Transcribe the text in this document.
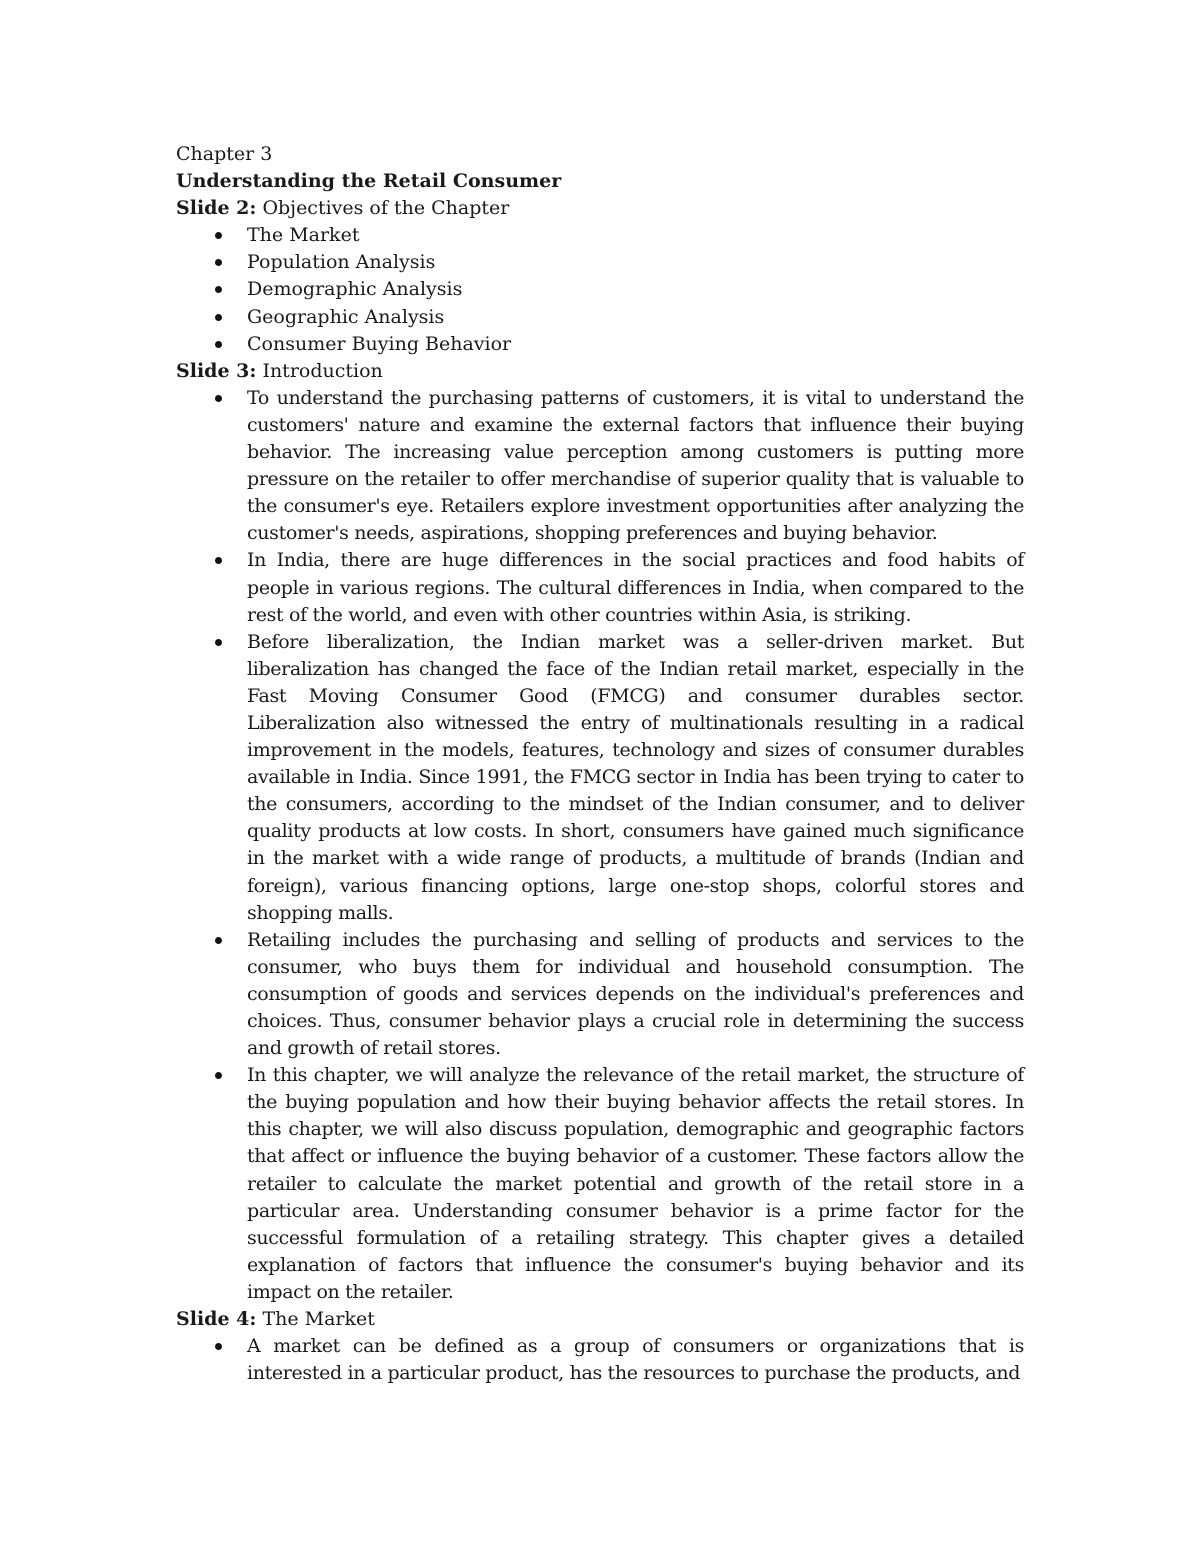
Chapter 3

Understanding the Retail Consumer

Slide 2: Objectives of the Chapter

The Market
Population Analysis
Demographic Analysis
Geographic Analysis
Consumer Buying Behavior

Slide 3: Introduction

To understand the purchasing patterns of customers, it is vital to understand the customers' nature and examine the external factors that influence their buying behavior. The increasing value perception among customers is putting more pressure on the retailer to offer merchandise of superior quality that is valuable to the consumer's eye. Retailers explore investment opportunities after analyzing the customer's needs, aspirations, shopping preferences and buying behavior.
In India, there are huge differences in the social practices and food habits of people in various regions. The cultural differences in India, when compared to the rest of the world, and even with other countries within Asia, is striking.
Before liberalization, the Indian market was a seller-driven market. But liberalization has changed the face of the Indian retail market, especially in the Fast Moving Consumer Good (FMCG) and consumer durables sector. Liberalization also witnessed the entry of multinationals resulting in a radical improvement in the models, features, technology and sizes of consumer durables available in India. Since 1991, the FMCG sector in India has been trying to cater to the consumers, according to the mindset of the Indian consumer, and to deliver quality products at low costs. In short, consumers have gained much significance in the market with a wide range of products, a multitude of brands (Indian and foreign), various financing options, large one-stop shops, colorful stores and shopping malls.
Retailing includes the purchasing and selling of products and services to the consumer, who buys them for individual and household consumption. The consumption of goods and services depends on the individual's preferences and choices. Thus, consumer behavior plays a crucial role in determining the success and growth of retail stores.
In this chapter, we will analyze the relevance of the retail market, the structure of the buying population and how their buying behavior affects the retail stores. In this chapter, we will also discuss population, demographic and geographic factors that affect or influence the buying behavior of a customer. These factors allow the retailer to calculate the market potential and growth of the retail store in a particular area. Understanding consumer behavior is a prime factor for the successful formulation of a retailing strategy. This chapter gives a detailed explanation of factors that influence the consumer's buying behavior and its impact on the retailer.

Slide 4: The Market

A market can be defined as a group of consumers or organizations that is interested in a particular product, has the resources to purchase the products, and
